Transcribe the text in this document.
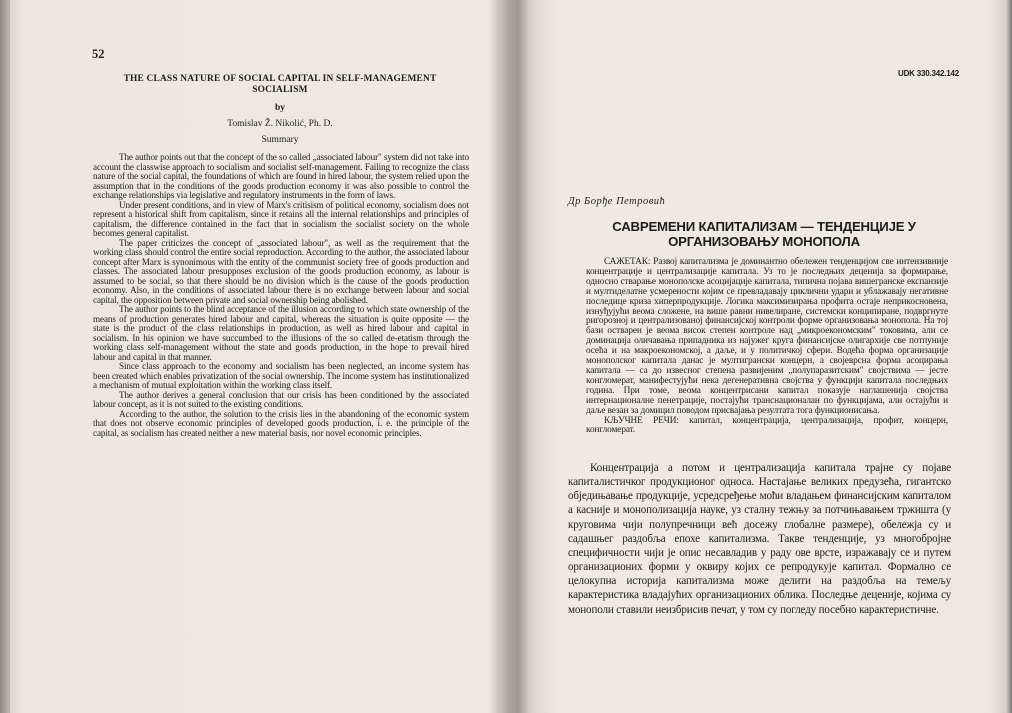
52
THE CLASS NATURE OF SOCIAL CAPITAL IN SELF-MANAGEMENT SOCIALISM
by
Tomislav Ž. Nikolić, Ph. D.
Summary

The author points out that the concept of the so called „associated labour" system did not take into account the classwise approach to socialism and socialist self-management. Failing to recognize the class nature of the social capital, the foundations of which are found in hired labour, the system relied upon the assumption that in the conditions of the goods production economy it was also possible to control the exchange relationships via legislative and regulatory instruments in the form of laws.

Under present conditions, and in view of Marx's critisism of political economy, socialism does not represent a historical shift from capitalism, since it retains all the internal relationships and principles of capitalism, the difference contained in the fact that in socialism the socialist society on the whole becomes general capitalist.

The paper criticizes the concept of „associated labour", as well as the requirement that the working class should control the entire social reproduction. According to the author, the associated labour concept after Marx is synonimous with the entity of the communist society free of goods production and classes. The associated labour presupposes exclusion of the goods production economy, as labour is assumed to be social, so that there should be no division which is the cause of the goods production economy. Also, in the conditions of associated labour there is no exchange between labour and social capital, the opposition between private and social ownership being abolished.

The author points to the blind acceptance of the illusion according to which state ownership of the means of production generates hired labour and capital, whereas the situation is quite opposite — the state is the product of the class relationships in production, as well as hired labour and capital in socialism. In his opinion we have succumbed to the illusions of the so called de-etatism through the working class self-management without the state and goods production, in the hope to prevail hired labour and capital in that manner.

Since class approach to the economy and socialism has been neglected, an income system has been created which enables privatization of the social ownership. The income system has institutionalized a mechanism of mutual exploitation within the working class itself.

The author derives a general conclusion that our crisis has been conditioned by the associated labour concept, as it is not suited to the existing conditions.

According to the author, the solution to the crisis lies in the abandoning of the economic system that does not observe economic principles of developed goods production, i. e. the principle of the capital, as socialism has created neither a new material basis, nor novel economic principles.

UDK 330.342.142
Др Борђе Петровић
САВРЕМЕНИ КАПИТАЛИЗАМ — ТЕНДЕНЦИЈЕ У ОРГАНИЗОВАЊУ МОНОПОЛА

САЖЕТАК: Развој капитализма је доминантно обележен тенденцијом све интензивније концентрације и централизације капитала. Уз то је последњих деценија за формирање, односно стварање монополске асоцијације капитала, типична појава вишегранске експанзије и мултиделатне усмерености којим се превладавају циклични удари и ублажавају негативне последице криза хиперпродукције. Логика максимизирања профита остаје неприкосновена, изнуђујући веома сложене, на више равни нивелиране, системски конципиране, подвргнуте ригорозној и централизованој финансијској контроли форме организовања монопола. На тој бази остварен је веома висок степен контроле над „микроекономским" токовима, али се доминација оличавања припадника из најужег круга финансијске олигархије све потпуније осећа и на макроекономској, а даље, и у политичкој сфери. Водећа форма организације монополског капитала данас је мултигрански концерн, а својеврсна форма асоцирања капитала — са до извесног степена развијеним „полупаразитским" својствима — јесте конгломерат, манифестујући нека дегенеративна својства у функцији капитала последњих година. При томе, веома концентрисани капитал показује наглашенија својства интернационалне пенетрације, постајући транснационалан по функцијама, али остајући и даље везан за домицил поводом присвајања резултата тога функционисања.

КЉУЧНЕ РЕЧИ: капитал, концентрација, централизација, профит, концерн, конгломерат.

Концентрација а потом и централизација капитала трајне су појаве капиталистичког продукционог односа. Настајање великих предузећа, гигантско обједињавање продукције, усредсређење моћи владањем финансијским капиталом а касније и монополизација науке, уз сталну тежњу за потчињавањем тржишта (у круговима чији полупречници већ досежу глобалне размере), обележја су и садашњег раздобља епохе капитализма. Такве тенденције, уз многобројне специфичности чији је опис несавладив у раду ове врсте, изражавају се и путем организационих форми у оквиру којих се репродукује капитал. Формално се целокупна историја капитализма може делити на раздобља на темељу карактеристика владајућих организационих облика. Последње деценије, којима су монополи ставили неизбрисив печат, у том су погледу посебно карактеристичне.
